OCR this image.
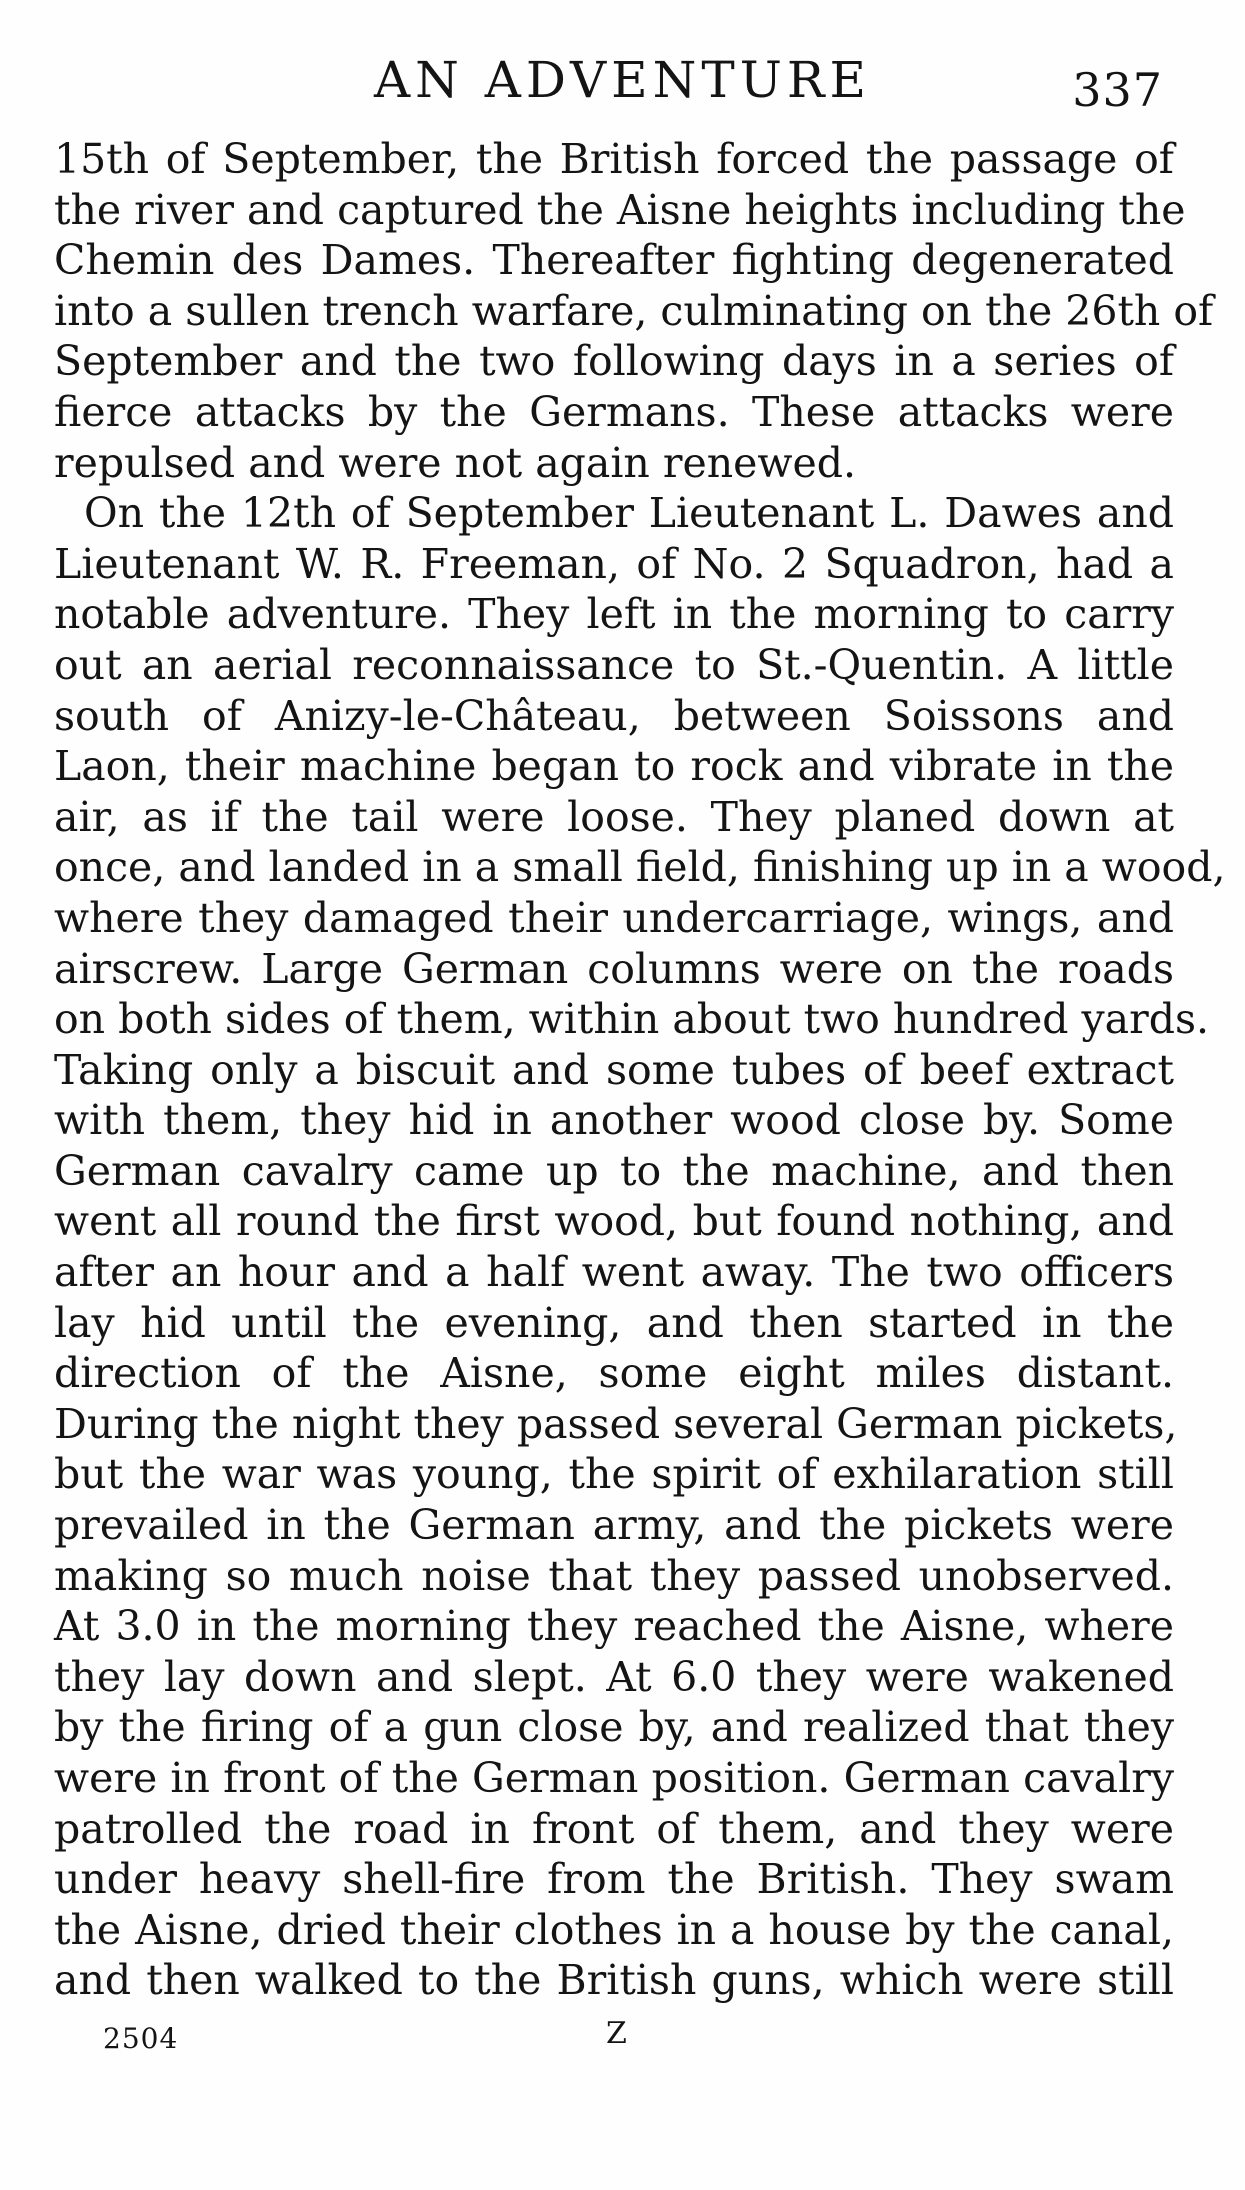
AN ADVENTURE	337
15th of September, the British forced the passage of
the river and captured the Aisne heights including the
Chemin des Dames. Thereafter fighting degenerated
into a sullen trench warfare, culminating on the 26th of
September and the two following days in a series of
fierce attacks by the Germans. These attacks were
repulsed and were not again renewed.
On the 12th of September Lieutenant L. Dawes and
Lieutenant W. R. Freeman, of No. 2 Squadron, had a
notable adventure. They left in the morning to carry
out an aerial reconnaissance to St.-Quentin. A little
south of Anizy-le-Château, between Soissons and
Laon, their machine began to rock and vibrate in the
air, as if the tail were loose. They planed down at
once, and landed in a small field, finishing up in a wood,
where they damaged their undercarriage, wings, and
airscrew. Large German columns were on the roads
on both sides of them, within about two hundred yards.
Taking only a biscuit and some tubes of beef extract
with them, they hid in another wood close by. Some
German cavalry came up to the machine, and then
went all round the first wood, but found nothing, and
after an hour and a half went away. The two officers
lay hid until the evening, and then started in the
direction of the Aisne, some eight miles distant.
During the night they passed several German pickets,
but the war was young, the spirit of exhilaration still
prevailed in the German army, and the pickets were
making so much noise that they passed unobserved.
At 3.0 in the morning they reached the Aisne, where
they lay down and slept. At 6.0 they were wakened
by the firing of a gun close by, and realized that they
were in front of the German position. German cavalry
patrolled the road in front of them, and they were
under heavy shell-fire from the British. They swam
the Aisne, dried their clothes in a house by the canal,
and then walked to the British guns, which were still
2504	Z
